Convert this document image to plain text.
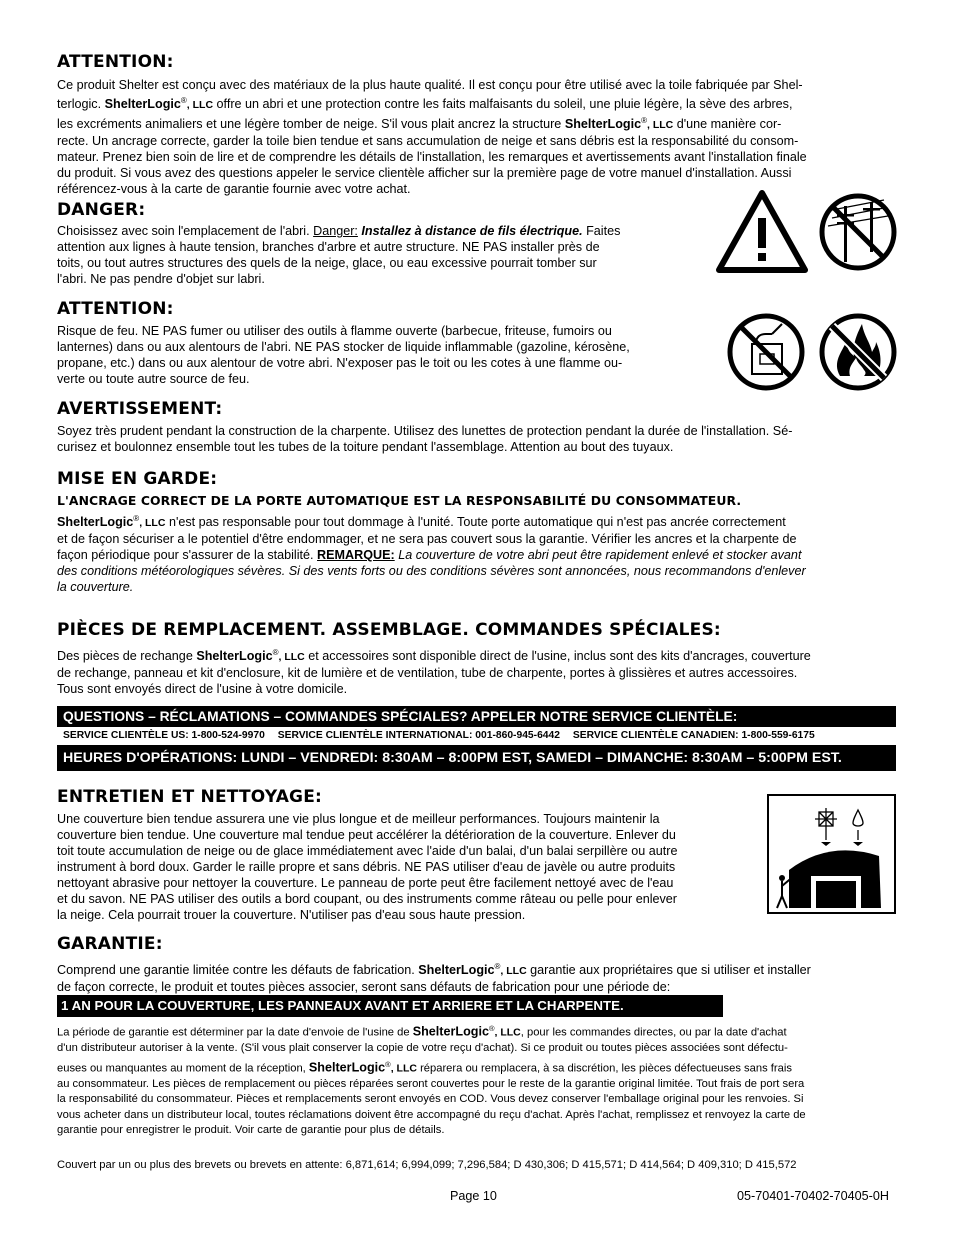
ATTENTION:
Ce produit Shelter est conçu avec des matériaux de la plus haute qualité. Il est conçu pour être utilisé avec la toile fabriquée par Shel-
terlogic. ShelterLogic®, LLC offre un abri et une protection contre les faits malfaisants du soleil, une pluie légère, la sève des arbres,
les excréments animaliers et une légère tomber de neige. S'il vous plait ancrez la structure ShelterLogic®, LLC d'une manière cor-
recte. Un ancrage correcte, garder la toile bien tendue et sans accumulation de neige et sans débris est la responsabilité du consom-
mateur. Prenez bien soin de lire et de comprendre les détails de l'installation, les remarques et avertissements avant l'installation finale
du produit. Si vous avez des questions appeler le service clientèle afficher sur la première page de votre manuel d'installation. Aussi
référencez-vous à la carte de garantie fournie avec votre achat.
DANGER:
Choisissez avec soin l'emplacement de l'abri. Danger: Installez à distance de fils électrique. Faites
attention aux lignes à haute tension, branches d'arbre et autre structure. NE PAS installer près de
toits, ou tout autres structures des quels de la neige, glace, ou eau excessive pourrait tomber sur
l'abri. Ne pas pendre d'objet sur labri.
ATTENTION:
Risque de feu. NE PAS fumer ou utiliser des outils à flamme ouverte (barbecue, friteuse, fumoirs ou
lanternes) dans ou aux alentours de l'abri. NE PAS stocker de liquide inflammable (gazoline, kérosène,
propane, etc.) dans ou aux alentour de votre abri. N'exposer pas le toit ou les cotes à une flamme ou-
verte ou toute autre source de feu.
AVERTISSEMENT:
Soyez très prudent pendant la construction de la charpente. Utilisez des lunettes de protection pendant la durée de l'installation. Sé-
curisez et boulonnez ensemble tout les tubes de la toiture pendant l'assemblage. Attention au bout des tuyaux.
MISE EN GARDE:
L'ANCRAGE CORRECT DE LA PORTE AUTOMATIQUE EST LA RESPONSABILITÉ DU CONSOMMATEUR.
ShelterLogic®, LLC n'est pas responsable pour tout dommage à l'unité. Toute porte automatique qui n'est pas ancrée correctement
et de façon sécuriser a le potentiel d'être endommager, et ne sera pas couvert sous la garantie. Vérifier les ancres et la charpente de
façon périodique pour s'assurer de la stabilité. REMARQUE: La couverture de votre abri peut être rapidement enlevé et stocker avant
des conditions météorologiques sévères. Si des vents forts ou des conditions sévères sont annoncées, nous recommandons d'enlever
la couverture.
PIÈCES DE REMPLACEMENT. ASSEMBLAGE. COMMANDES SPÉCIALES:
Des pièces de rechange ShelterLogic®, LLC et accessoires sont disponible direct de l'usine, inclus sont des kits d'ancrages, couverture
de rechange, panneau et kit d'enclosure, kit de lumière et de ventilation, tube de charpente, portes à glissières et autres accessoires.
Tous sont envoyés direct de l'usine à votre domicile.
QUESTIONS – RÉCLAMATIONS – COMMANDES SPÉCIALES? APPELER NOTRE SERVICE CLIENTÈLE:
SERVICE CLIENTÈLE US: 1-800-524-9970 SERVICE CLIENTÈLE INTERNATIONAL: 001-860-945-6442 SERVICE CLIENTÈLE CANADIEN: 1-800-559-6175
HEURES D'OPÉRATIONS: LUNDI – VENDREDI: 8:30AM – 8:00PM EST, SAMEDI – DIMANCHE: 8:30AM – 5:00PM EST.
ENTRETIEN ET NETTOYAGE:
Une couverture bien tendue assurera une vie plus longue et de meilleur performances. Toujours maintenir la
couverture bien tendue. Une couverture mal tendue peut accélérer la détérioration de la couverture. Enlever du
toit toute accumulation de neige ou de glace immédiatement avec l'aide d'un balai, d'un balai serpillère ou autre
instrument à bord doux. Garder le raille propre et sans débris. NE PAS utiliser d'eau de javèle ou autre produits
nettoyant abrasive pour nettoyer la couverture. Le panneau de porte peut être facilement nettoyé avec de l'eau
et du savon. NE PAS utiliser des outils a bord coupant, ou des instruments comme râteau ou pelle pour enlever
la neige. Cela pourrait trouer la couverture. N'utiliser pas d'eau sous haute pression.
GARANTIE:
Comprend une garantie limitée contre les défauts de fabrication. ShelterLogic®, LLC garantie aux propriétaires que si utiliser et installer
de façon correcte, le produit et toutes pièces associer, seront sans défauts de fabrication pour une période de:
1 AN POUR LA COUVERTURE, LES PANNEAUX AVANT ET ARRIERE ET LA CHARPENTE.
La période de garantie est déterminer par la date d'envoie de l'usine de ShelterLogic®, LLC, pour les commandes directes, ou par la date d'achat
d'un distributeur autoriser à la vente. (S'il vous plait conserver la copie de votre reçu d'achat). Si ce produit ou toutes pièces associées sont défectu-
euses ou manquantes au moment de la réception, ShelterLogic®, LLC réparera ou remplacera, à sa discrétion, les pièces défectueuses sans frais
au consommateur. Les pièces de remplacement ou pièces réparées seront couvertes pour le reste de la garantie original limitée. Tout frais de port sera
la responsabilité du consommateur. Pièces et remplacements seront envoyés en COD. Vous devez conserver l'emballage original pour les renvoies. Si
vous acheter dans un distributeur local, toutes réclamations doivent être accompagné du reçu d'achat. Après l'achat, remplissez et renvoyez la carte de
garantie pour enregistrer le produit. Voir carte de garantie pour plus de détails.
Couvert par un ou plus des brevets ou brevets en attente: 6,871,614; 6,994,099; 7,296,584; D 430,306; D 415,571; D 414,564; D 409,310; D 415,572
Page 10	05-70401-70402-70405-0H
